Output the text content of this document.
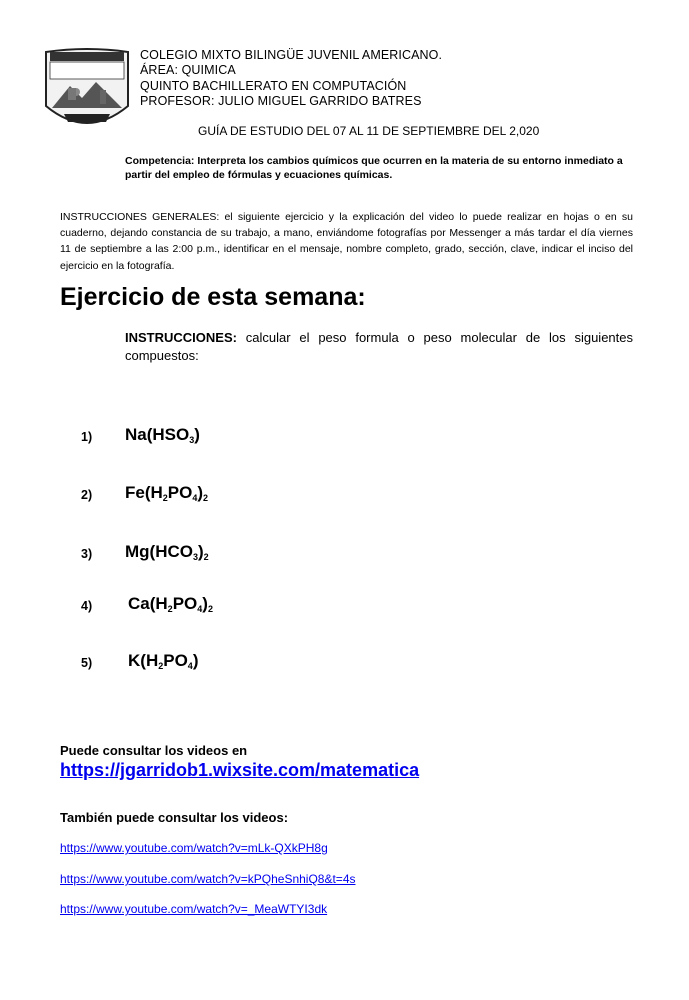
COLEGIO MIXTO BILINGÜE JUVENIL AMERICANO.
ÁREA: QUIMICA
QUINTO BACHILLERATO EN COMPUTACIÓN
PROFESOR: JULIO MIGUEL GARRIDO BATRES
GUÍA DE ESTUDIO DEL 07 AL 11 DE SEPTIEMBRE DEL 2,020
Competencia: Interpreta los cambios químicos que ocurren en la materia de su entorno inmediato a partir del empleo de fórmulas y ecuaciones químicas.
INSTRUCCIONES GENERALES: el siguiente ejercicio y la explicación del video lo puede realizar en hojas o en su cuaderno, dejando constancia de su trabajo, a mano, enviándome fotografías por Messenger a más tardar el día viernes 11 de septiembre a las 2:00 p.m., identificar en el mensaje, nombre completo, grado, sección, clave, indicar el inciso del ejercicio en la fotografía.
Ejercicio de esta semana:
INSTRUCCIONES: calcular el peso formula o peso molecular de los siguientes compuestos:
1) $Na(HSO_3)$
2) $Fe(H_2PO_4)_2$
3) $Mg(HCO_3)_2$
4) $Ca(H_2PO_4)_2$
5) $K(H_2PO_4)$
Puede consultar los videos en
https://jgarridob1.wixsite.com/matematica
También puede consultar los videos:
https://www.youtube.com/watch?v=mLk-QXkPH8g
https://www.youtube.com/watch?v=kPQheSnhiQ8&t=4s
https://www.youtube.com/watch?v=_MeaWTYI3dk
